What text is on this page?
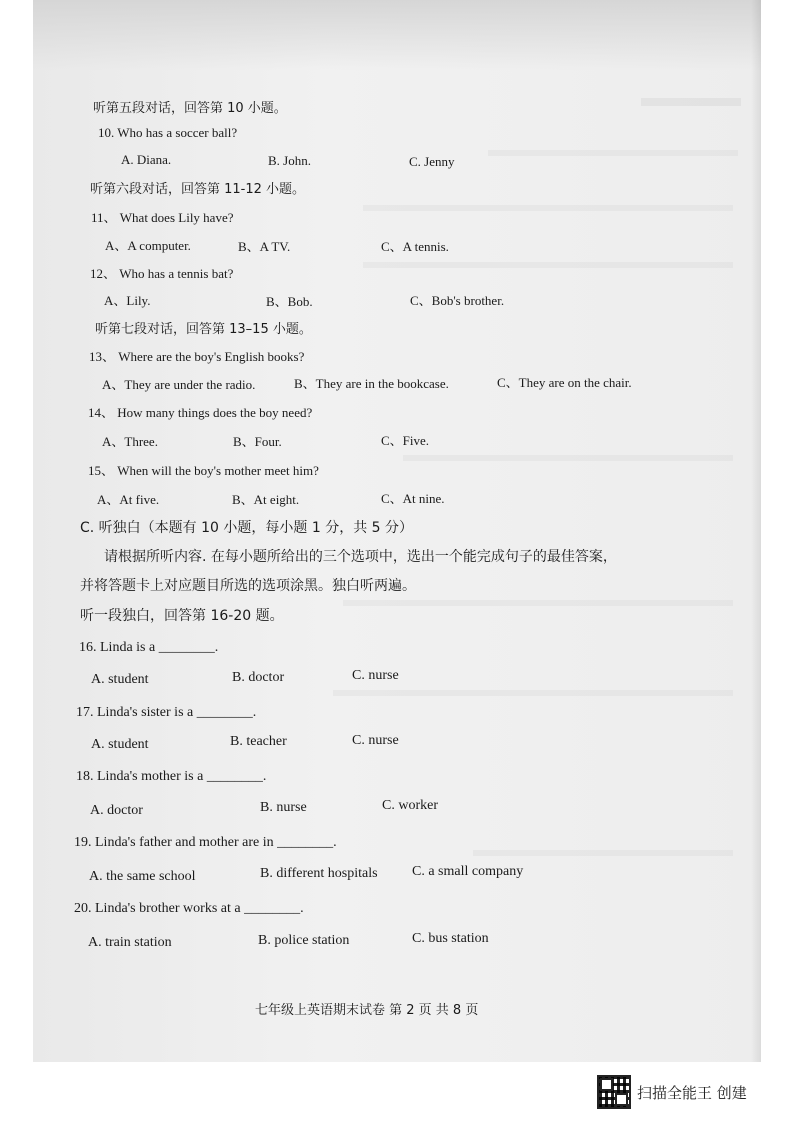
听第五段对话，回答第 10 小题。
10. Who has a soccer ball?
A. Diana.	B. John.	C. Jenny
听第六段对话，回答第 11-12 小题。
11、 What does Lily have?
A、A computer.	B、A TV.	C、A tennis.
12、 Who has a tennis bat?
A、Lily.	B、Bob.	C、Bob's brother.
听第七段对话，回答第 13–15 小题。
13、 Where are the boy's English books?
A、They are under the radio.	B、They are in the bookcase.	C、They are on the chair.
14、 How many things does the boy need?
A、Three.	B、Four.	C、Five.
15、 When will the boy's mother meet him?
A、At five.	B、At eight.	C、At nine.
C. 听独白（本题有 10 小题，每小题 1 分，共 5 分）
请根据所听内容. 在每小题所给出的三个选项中，选出一个能完成句子的最佳答案，
并将答题卡上对应题目所选的选项涂黑。独白听两遍。
听一段独白，回答第 16-20 题。
16. Linda is a ________.
A. student	B. doctor	C. nurse
17. Linda's sister is a ________.
A. student	B. teacher	C. nurse
18. Linda's mother is a ________.
A. doctor	B. nurse	C. worker
19. Linda's father and mother are in ________.
A. the same school	B. different hospitals C. a small company
20. Linda's brother works at a ________.
A. train station	B. police station	C. bus station
七年级上英语期末试卷 第 2 页 共 8 页
扫描全能王 创建
